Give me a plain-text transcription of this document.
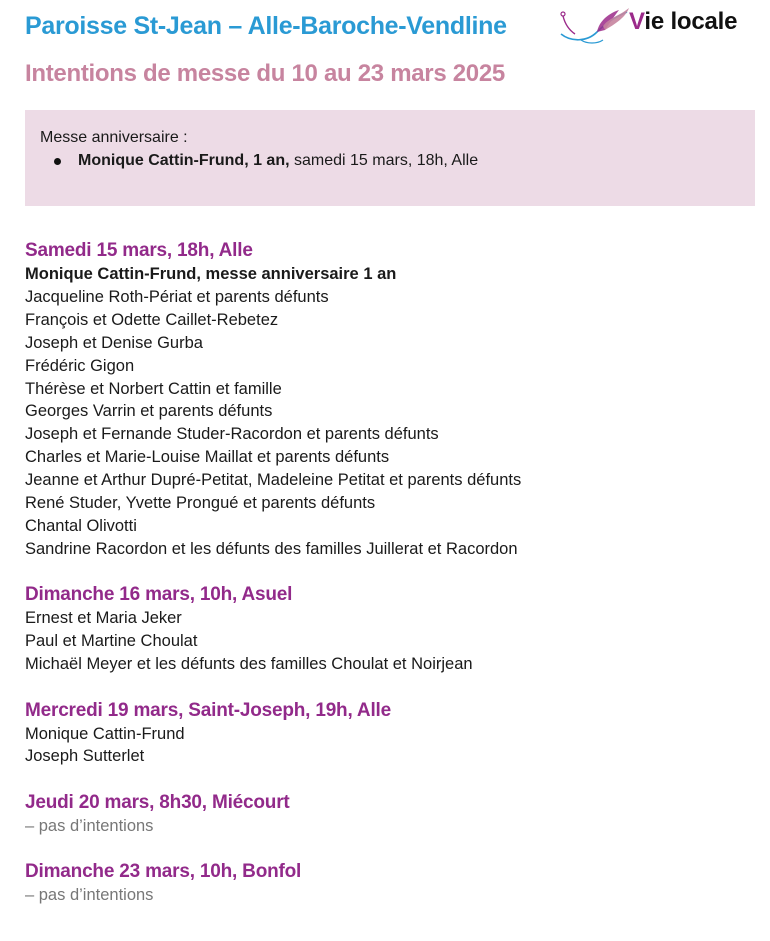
Paroisse St-Jean – Alle-Baroche-Vendline	Vie locale
Intentions de messe du 10 au 23 mars 2025

Messe anniversaire :

Monique Cattin-Frund, 1 an, samedi 15 mars, 18h, Alle

Samedi 15 mars, 18h, Alle

Monique Cattin-Frund, messe anniversaire 1 an

Jacqueline Roth-Périat et parents défunts

François et Odette Caillet-Rebetez

Joseph et Denise Gurba

Frédéric Gigon

Thérèse et Norbert Cattin et famille

Georges Varrin et parents défunts

Joseph et Fernande Studer-Racordon et parents défunts

Charles et Marie-Louise Maillat et parents défunts

Jeanne et Arthur Dupré-Petitat, Madeleine Petitat et parents défunts

René Studer, Yvette Prongué et parents défunts

Chantal Olivotti

Sandrine Racordon et les défunts des familles Juillerat et Racordon

Dimanche 16 mars, 10h, Asuel

Ernest et Maria Jeker

Paul et Martine Choulat

Michaël Meyer et les défunts des familles Choulat et Noirjean

Mercredi 19 mars, Saint-Joseph, 19h, Alle

Monique Cattin-Frund

Joseph Sutterlet

Jeudi 20 mars, 8h30, Miécourt

– pas d’intentions

Dimanche 23 mars, 10h, Bonfol

– pas d’intentions
